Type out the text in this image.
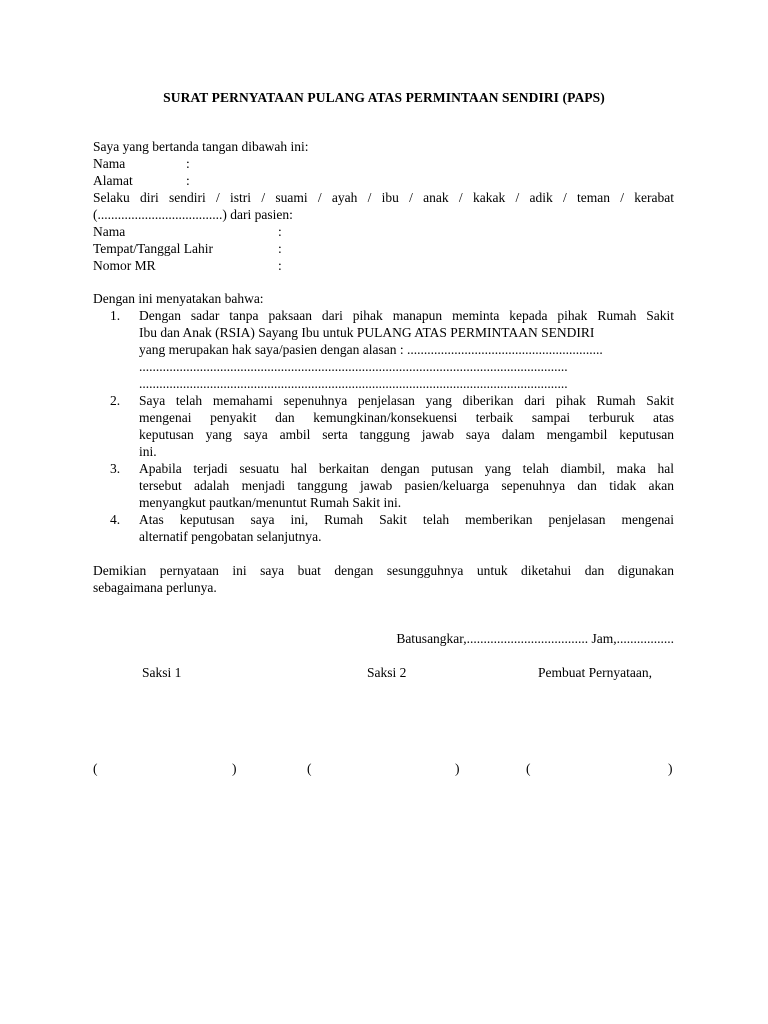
SURAT PERNYATAAN PULANG ATAS PERMINTAAN SENDIRI (PAPS)
Saya yang bertanda tangan dibawah ini:
Nama	:
Alamat	:
Selaku diri sendiri / istri / suami / ayah / ibu / anak / kakak / adik / teman / kerabat
(.....................................) dari pasien:
Nama	:
Tempat/Tanggal Lahir	:
Nomor MR	:
Dengan ini menyatakan bahwa:
1. Dengan sadar tanpa paksaan dari pihak manapun meminta kepada pihak Rumah Sakit
Ibu dan Anak (RSIA) Sayang Ibu untuk PULANG ATAS PERMINTAAN SENDIRI
yang merupakan hak saya/pasien dengan alasan : ..........................................................
...............................................................................................................................
...............................................................................................................................
2. Saya telah memahami sepenuhnya penjelasan yang diberikan dari pihak Rumah Sakit
mengenai penyakit dan kemungkinan/konsekuensi terbaik sampai terburuk atas
keputusan yang saya ambil serta tanggung jawab saya dalam mengambil keputusan
ini.
3. Apabila terjadi sesuatu hal berkaitan dengan putusan yang telah diambil, maka hal
tersebut adalah menjadi tanggung jawab pasien/keluarga sepenuhnya dan tidak akan
menyangkut pautkan/menuntut Rumah Sakit ini.
4. Atas keputusan saya ini, Rumah Sakit telah memberikan penjelasan mengenai
alternatif pengobatan selanjutnya.
Demikian pernyataan ini saya buat dengan sesungguhnya untuk diketahui dan digunakan
sebagaimana perlunya.
Batusangkar,.................................... Jam,.................
Saksi 1	Saksi 2	Pembuat Pernyataan,
(	)	(	)	(	)
